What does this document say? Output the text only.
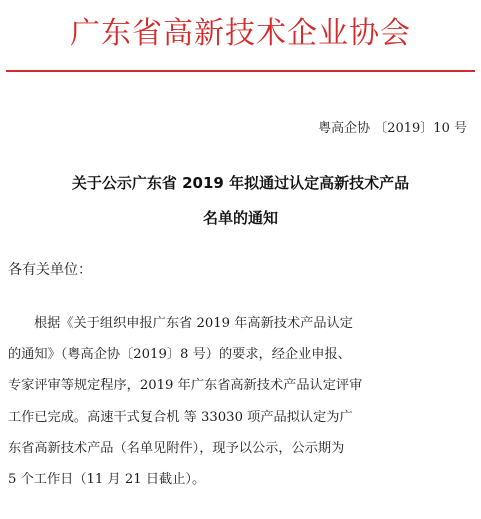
广东省高新技术企业协会
粤高企协 〔2019〕10 号
关于公示广东省 2019 年拟通过认定高新技术产品
名单的通知
各有关单位：
根据《关于组织申报广东省 2019 年高新技术产品认定
的通知》（粤高企协〔2019〕8 号）的要求，经企业申报、
专家评审等规定程序，2019 年广东省高新技术产品认定评审
工作已完成。高速干式复合机 等 33030 项产品拟认定为广
东省高新技术产品（名单见附件），现予以公示，公示期为
5 个工作日（11 月 21 日截止）。
